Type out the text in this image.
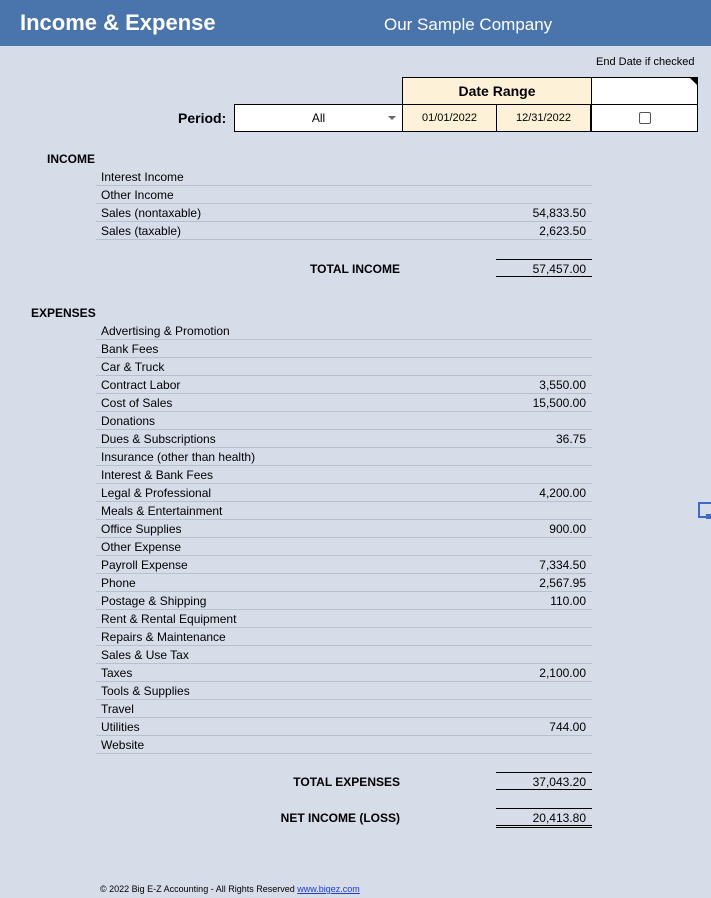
Income & Expense	Our Sample Company
End Date if checked
Date Range
Period:	All	01/01/2022	12/31/2022
INCOME
Interest Income
Other Income
Sales (nontaxable)	54,833.50
Sales (taxable)	2,623.50
TOTAL INCOME	57,457.00
EXPENSES
Advertising & Promotion
Bank Fees
Car & Truck
Contract Labor	3,550.00
Cost of Sales	15,500.00
Donations
Dues & Subscriptions	36.75
Insurance (other than health)
Interest & Bank Fees
Legal & Professional	4,200.00
Meals & Entertainment
Office Supplies	900.00
Other Expense
Payroll Expense	7,334.50
Phone	2,567.95
Postage & Shipping	110.00
Rent & Rental Equipment
Repairs & Maintenance
Sales & Use Tax
Taxes	2,100.00
Tools & Supplies
Travel
Utilities	744.00
Website
TOTAL EXPENSES	37,043.20
NET INCOME (LOSS)	20,413.80
© 2022 Big E-Z Accounting - All Rights Reserved www.bigez.com
